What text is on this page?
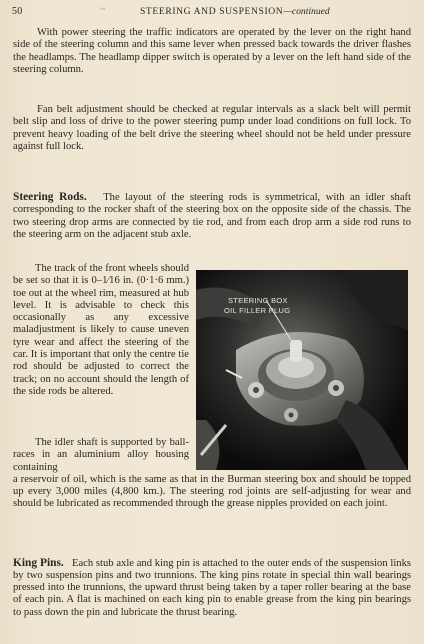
50	~	STEERING AND SUSPENSION—continued

With power steering the traffic indicators are operated by the lever on the right hand side of the steering column and this same lever when pressed back towards the driver flashes the headlamps. The headlamp dipper switch is operated by a lever on the left hand side of the steering column.

Fan belt adjustment should be checked at regular intervals as a slack belt will permit belt slip and loss of drive to the power steering pump under load conditions on full lock. To prevent heavy loading of the belt drive the steering wheel should not be held under pressure against full lock.

Steering Rods. The layout of the steering rods is symmetrical, with an idler shaft corresponding to the rocker shaft of the steering box on the opposite side of the chassis. The two steering drop arms are connected by tie rod, and from each drop arm a side rod runs to the steering arm on the adjacent stub axle.

The track of the front wheels should be set so that it is 0–1⁄16 in. (0·1·6 mm.) toe out at the wheel rim, measured at hub level. It is advisable to check this occasionally as any excessive maladjustment is likely to cause uneven tyre wear and affect the steering of the car. It is important that only the centre tie rod should be adjusted to correct the track; on no account should the length of the side rods be altered.

STEERING BOX
OIL FILLER PLUG

The idler shaft is supported by ball-races in an aluminium alloy housing containing
a reservoir of oil, which is the same as that in the Burman steering box and should be topped up every 3,000 miles (4,800 km.). The steering rod joints are self-adjusting for wear and should be lubricated as recommended through the grease nipples provided on each joint.

King Pins. Each stub axle and king pin is attached to the outer ends of the suspension links by two suspension pins and two trunnions. The king pins rotate in special thin wall bearings pressed into the trunnions, the upward thrust being taken by a taper roller bearing at the base of each pin. A flat is machined on each king pin to enable grease from the king pin bearings to pass down the pin and lubricate the thrust bearing.
